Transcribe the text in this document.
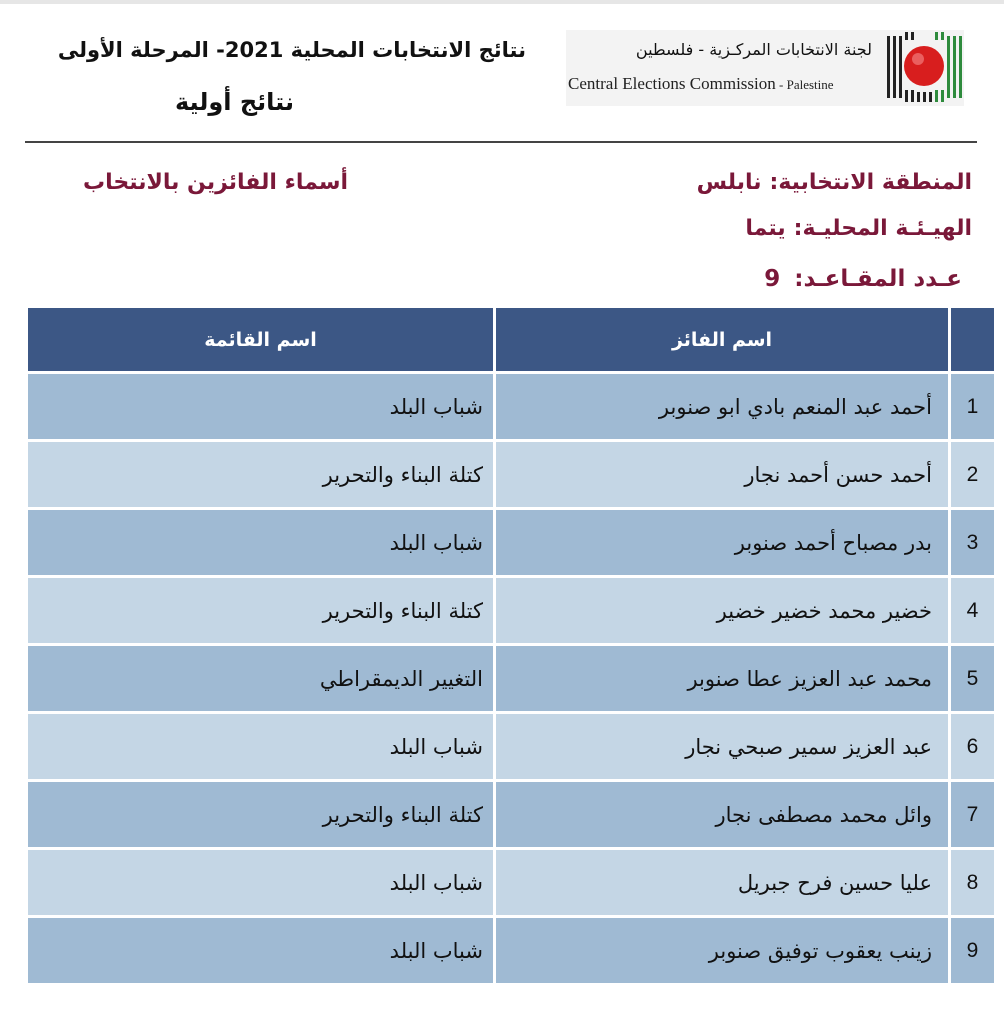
نتائج الانتخابات المحلية 2021- المرحلة الأولى
نتائج أولية
لجنة الانتخابات المركـزية - فلسطين
Central Elections Commission - Palestine
المنطقة الانتخابية:نابلس
أسماء الفائزين بالانتخاب
الهيـئـة المحليـة:يتما
عـدد المقـاعـد:9
	اسم الفائز	اسم القائمة
1	أحمد عبد المنعم بادي ابو صنوبر	شباب البلد
2	أحمد حسن أحمد نجار	كتلة البناء والتحرير
3	بدر مصباح أحمد صنوبر	شباب البلد
4	خضير محمد خضير خضير	كتلة البناء والتحرير
5	محمد عبد العزيز عطا صنوبر	التغيير الديمقراطي
6	عبد العزيز سمير صبحي نجار	شباب البلد
7	وائل محمد مصطفى نجار	كتلة البناء والتحرير
8	عليا حسين فرح جبريل	شباب البلد
9	زينب يعقوب توفيق صنوبر	شباب البلد
